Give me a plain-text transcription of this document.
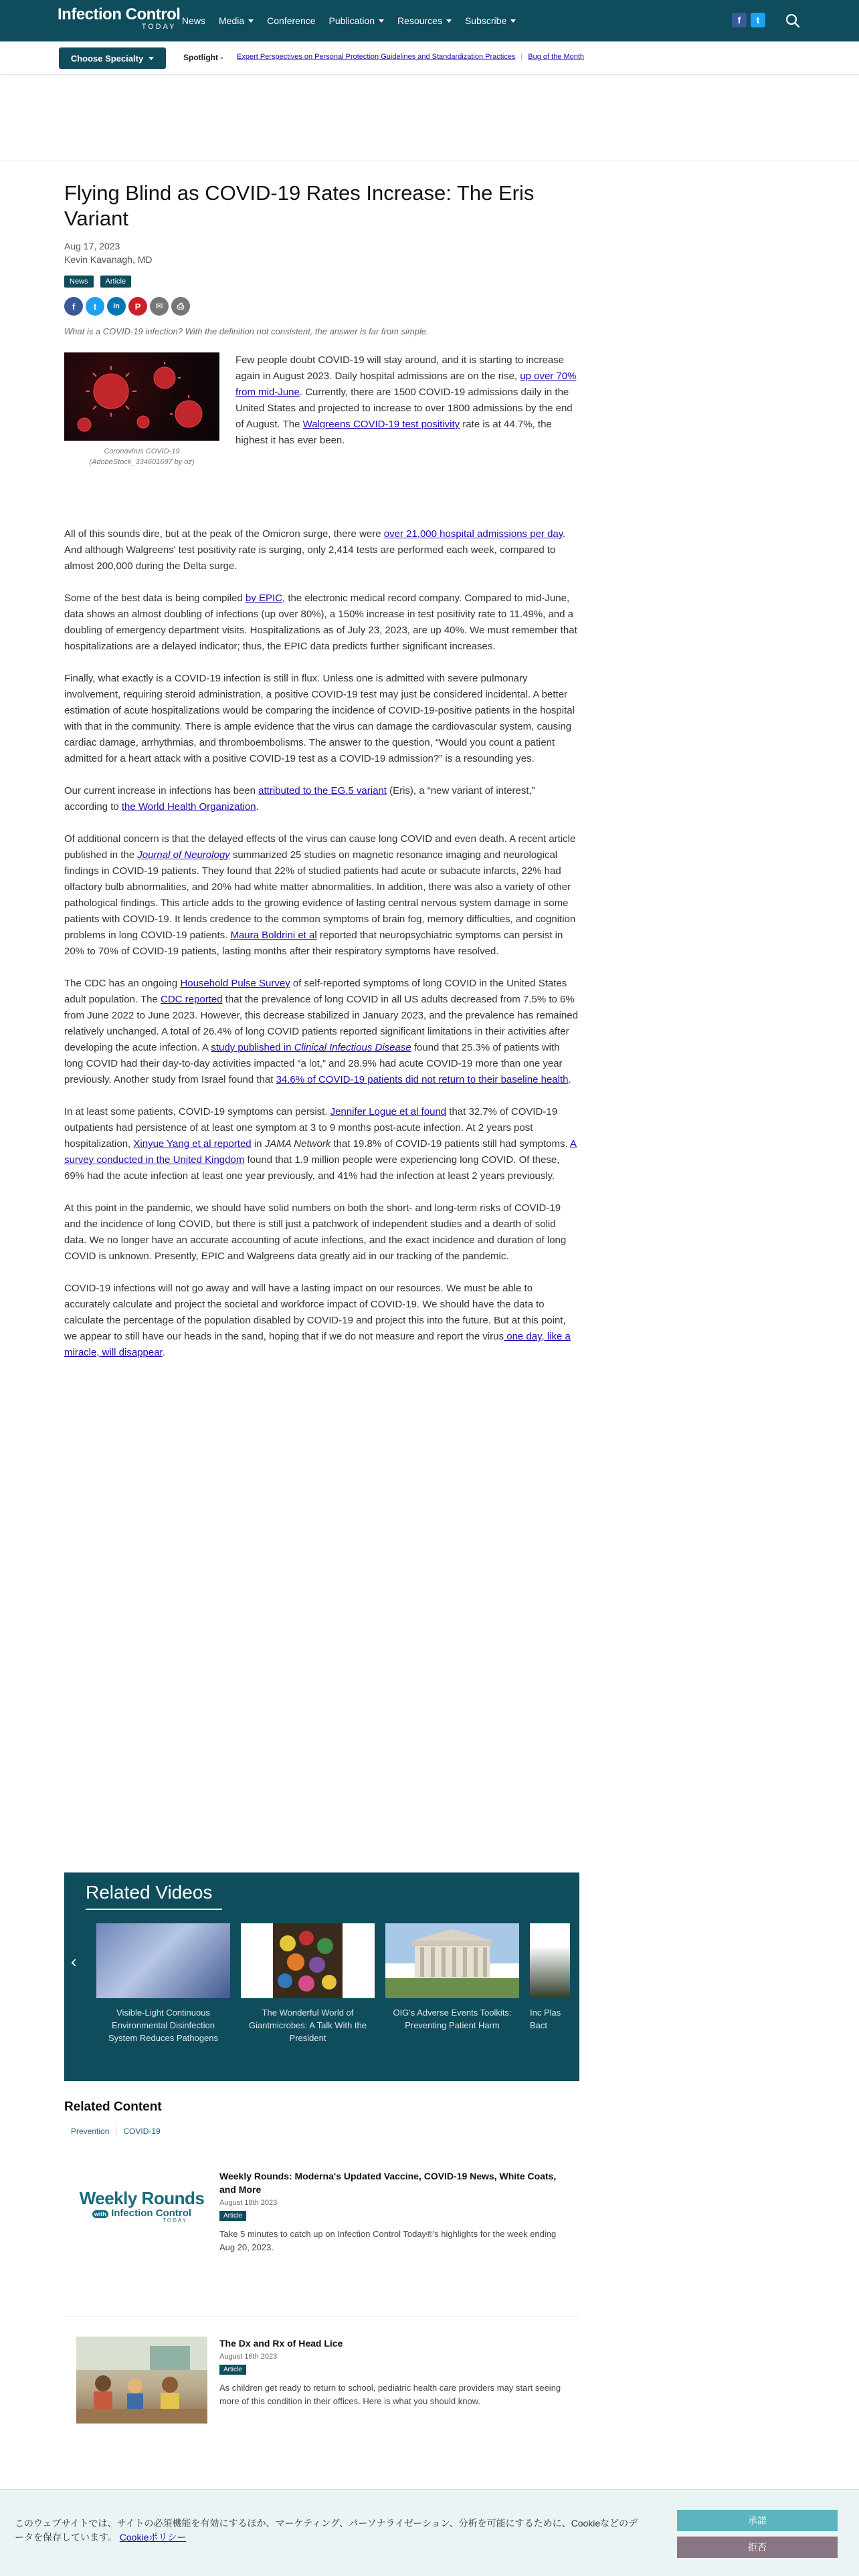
Infection Control
TODAY
News Media Conference Publication Resources Subscribe	f	t
Choose Specialty	Spotlight - Expert Perspectives on Personal Protection Guidelines and Standardization Practices | Bug of the Month
Flying Blind as COVID-19 Rates Increase: The Eris Variant
Aug 17, 2023
Kevin Kavanagh, MD
News	Article
f	t	in	P	✉	⎙

What is a COVID-19 infection? With the definition not consistent, the answer is far from simple.

Coronavirus COVID-19
(AdobeStock_334601697 by oz)

Few people doubt COVID-19 will stay around, and it is starting to increase again in August 2023. Daily hospital admissions are on the rise, up over 70% from mid-June. Currently, there are 1500 COVID-19 admissions daily in the United States and projected to increase to over 1800 admissions by the end of August. The Walgreens COVID-19 test positivity rate is at 44.7%, the highest it has ever been.

All of this sounds dire, but at the peak of the Omicron surge, there were over 21,000 hospital admissions per day. And although Walgreens' test positivity rate is surging, only 2,414 tests are performed each week, compared to almost 200,000 during the Delta surge.

Some of the best data is being compiled by EPIC, the electronic medical record company. Compared to mid-June, data shows an almost doubling of infections (up over 80%), a 150% increase in test positivity rate to 11.49%, and a doubling of emergency department visits. Hospitalizations as of July 23, 2023, are up 40%. We must remember that hospitalizations are a delayed indicator; thus, the EPIC data predicts further significant increases.

Finally, what exactly is a COVID-19 infection is still in flux. Unless one is admitted with severe pulmonary involvement, requiring steroid administration, a positive COVID-19 test may just be considered incidental. A better estimation of acute hospitalizations would be comparing the incidence of COVID-19-positive patients in the hospital with that in the community. There is ample evidence that the virus can damage the cardiovascular system, causing cardiac damage, arrhythmias, and thromboembolisms. The answer to the question, “Would you count a patient admitted for a heart attack with a positive COVID-19 test as a COVID-19 admission?” is a resounding yes.

Our current increase in infections has been attributed to the EG.5 variant (Eris), a “new variant of interest,” according to the World Health Organization.

Of additional concern is that the delayed effects of the virus can cause long COVID and even death. A recent article published in the Journal of Neurology summarized 25 studies on magnetic resonance imaging and neurological findings in COVID-19 patients. They found that 22% of studied patients had acute or subacute infarcts, 22% had olfactory bulb abnormalities, and 20% had white matter abnormalities. In addition, there was also a variety of other pathological findings. This article adds to the growing evidence of lasting central nervous system damage in some patients with COVID-19. It lends credence to the common symptoms of brain fog, memory difficulties, and cognition problems in long COVID-19 patients. Maura Boldrini et al reported that neuropsychiatric symptoms can persist in 20% to 70% of COVID-19 patients, lasting months after their respiratory symptoms have resolved.

The CDC has an ongoing Household Pulse Survey of self-reported symptoms of long COVID in the United States adult population. The CDC reported that the prevalence of long COVID in all US adults decreased from 7.5% to 6% from June 2022 to June 2023. However, this decrease stabilized in January 2023, and the prevalence has remained relatively unchanged. A total of 26.4% of long COVID patients reported significant limitations in their activities after developing the acute infection. A study published in Clinical Infectious Disease found that 25.3% of patients with long COVID had their day-to-day activities impacted “a lot,” and 28.9% had acute COVID-19 more than one year previously. Another study from Israel found that 34.6% of COVID-19 patients did not return to their baseline health.

In at least some patients, COVID-19 symptoms can persist. Jennifer Logue et al found that 32.7% of COVID-19 outpatients had persistence of at least one symptom at 3 to 9 months post-acute infection. At 2 years post hospitalization, Xinyue Yang et al reported in JAMA Network that 19.8% of COVID-19 patients still had symptoms. A survey conducted in the United Kingdom found that 1.9 million people were experiencing long COVID. Of these, 69% had the acute infection at least one year previously, and 41% had the infection at least 2 years previously.

At this point in the pandemic, we should have solid numbers on both the short- and long-term risks of COVID-19 and the incidence of long COVID, but there is still just a patchwork of independent studies and a dearth of solid data. We no longer have an accurate accounting of acute infections, and the exact incidence and duration of long COVID is unknown. Presently, EPIC and Walgreens data greatly aid in our tracking of the pandemic.

COVID-19 infections will not go away and will have a lasting impact on our resources. We must be able to accurately calculate and project the societal and workforce impact of COVID-19. We should have the data to calculate the percentage of the population disabled by COVID-19 and project this into the future. But at this point, we appear to still have our heads in the sand, hoping that if we do not measure and report the virus one day, like a miracle, will disappear.

Related Videos
‹
Visible-Light Continuous Environmental Disinfection System Reduces Pathogens
The Wonderful World of Giantmicrobes: A Talk With the President
OIG's Adverse Events Toolkits: Preventing Patient Harm
Inc Plas Bact
Related Content
Prevention	COVID-19
Weekly Rounds
with Infection Control
TODAY
Weekly Rounds: Moderna's Updated Vaccine, COVID-19 News, White Coats, and More
August 18th 2023
Article
Take 5 minutes to catch up on Infection Control Today®'s highlights for the week ending Aug 20, 2023.
The Dx and Rx of Head Lice
August 16th 2023
Article
As children get ready to return to school, pediatric health care providers may start seeing more of this condition in their offices. Here is what you should know.

このウェブサイトでは、サイトの必須機能を有効にするほか、マーケティング、パーソナライゼーション、分析を可能にするために、Cookieなどのデータを保存しています。 Cookieポリシー

承諾
拒否
